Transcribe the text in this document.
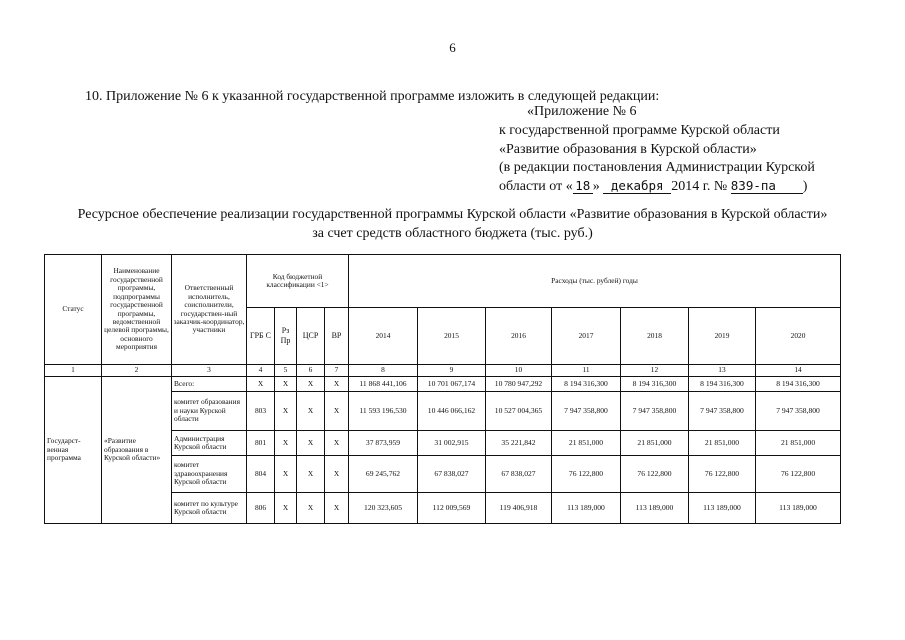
6
10. Приложение № 6 к указанной государственной программе изложить в следующей редакции:
«Приложение № 6
к государственной программе Курской области
«Развитие образования в Курской области»
(в редакции постановления Администрации Курской
области от « 18 » декабря 2014 г. № 839-па )
Ресурсное обеспечение реализации государственной программы Курской области «Развитие образования в Курской области»
за счет средств областного бюджета (тыс. руб.)
Статус	Наименование государственной программы, подпрограммы государственной программы, ведомственной целевой программы, основного мероприятия	Ответственный исполнитель, соисполнители, государствен-ный заказчик-координатор, участники	Код бюджетной классификации <1>				Расходы (тыс. рублей) годы						
			ГРБ С	Рз Пр	ЦСР	ВР	2014	2015	2016	2017	2018	2019	2020
1	2	3	4	5	6	7	8	9	10	11	12	13	14
Государст-венная программа	«Развитие образования в Курской области»	Всего:	Х	Х	Х	Х	11 868 441,106	10 701 067,174	10 780 947,292	8 194 316,300	8 194 316,300	8 194 316,300	8 194 316,300
		комитет образования и науки Курской области	803	Х	Х	Х	11 593 196,530	10 446 066,162	10 527 004,365	7 947 358,800	7 947 358,800	7 947 358,800	7 947 358,800
		Администрация Курской области	801	Х	Х	Х	37 873,959	31 002,915	35 221,842	21 851,000	21 851,000	21 851,000	21 851,000
		комитет здравоохранения Курской области	804	Х	Х	Х	69 245,762	67 838,027	67 838,027	76 122,800	76 122,800	76 122,800	76 122,800
		комитет по культуре Курской области	806	Х	Х	Х	120 323,605	112 009,569	119 406,918	113 189,000	113 189,000	113 189,000	113 189,000
